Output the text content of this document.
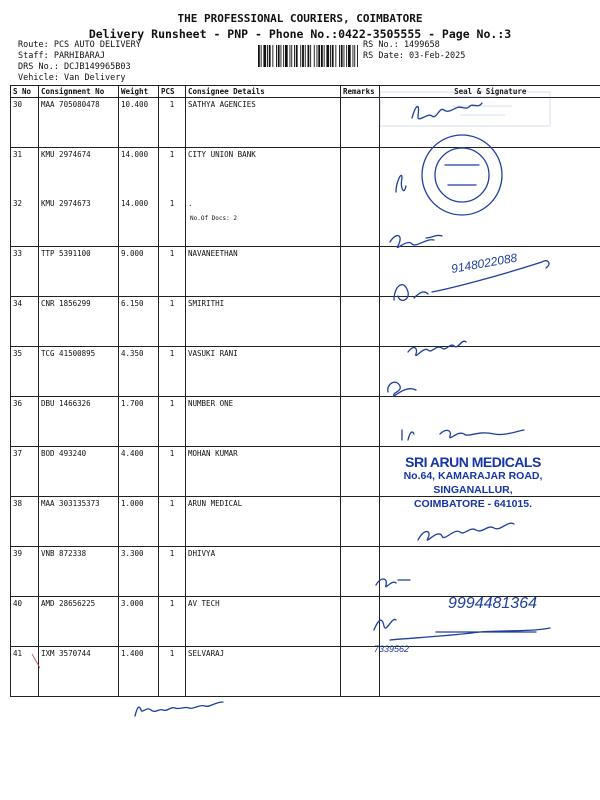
THE PROFESSIONAL COURIERS, COIMBATORE
Delivery Runsheet - PNP - Phone No.:0422-3505555 - Page No.:3
Route: PCS AUTO DELIVERY
Staff: PARHIBARAJ
DRS No.: DCJB149965B03
Vehicle: Van Delivery
RS No.: 1499658
RS Date: 03-Feb-2025
S No	Consignment No	Weight	PCS	Consignee Details	Remarks	Seal & Signature
30	MAA 705080478	10.400	1	SATHYA AGENCIES		
31	KMU 2974674	14.000	1	CITY UNION BANK		
32	KMU 2974673	14.000	1	.
No.Of Docs: 2		

33	TTP 5391100	9.000	1	NAVANEETHAN		
34	CNR 1856299	6.150	1	SMIRITHI		
35	TCG 41500895	4.350	1	VASUKI RANI		
36	DBU 1466326	1.700	1	NUMBER ONE		
37	BOD 493240	4.400	1	MOHAN KUMAR		
38	MAA 303135373	1.000	1	ARUN MEDICAL		
39	VNB 872338	3.300	1	DHIVYA		
40	AMD 28656225	3.000	1	AV TECH		
41	IXM 3570744	1.400	1	SELVARAJ		
9148022088
9994481364
7339562
SRI ARUN MEDICALS
No.64, KAMARAJAR ROAD,
SINGANALLUR,
COIMBATORE - 641015.
